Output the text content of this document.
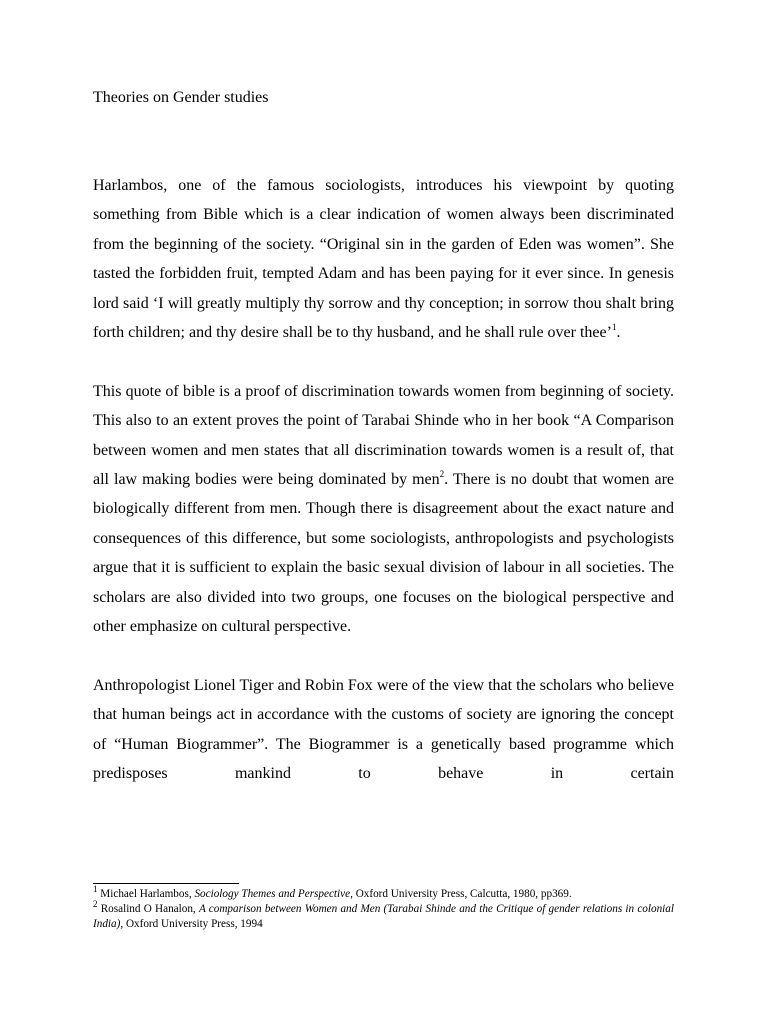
Theories on Gender studies

Harlambos, one of the famous sociologists, introduces his viewpoint by quoting something from Bible which is a clear indication of women always been discriminated from the beginning of the society. “Original sin in the garden of Eden was women”. She tasted the forbidden fruit, tempted Adam and has been paying for it ever since. In genesis lord said ‘I will greatly multiply thy sorrow and thy conception; in sorrow thou shalt bring forth children; and thy desire shall be to thy husband, and he shall rule over thee’$^1$.

This quote of bible is a proof of discrimination towards women from beginning of society. This also to an extent proves the point of Tarabai Shinde who in her book “A Comparison between women and men states that all discrimination towards women is a result of, that all law making bodies were being dominated by men$^2$. There is no doubt that women are biologically different from men. Though there is disagreement about the exact nature and consequences of this difference, but some sociologists, anthropologists and psychologists argue that it is sufficient to explain the basic sexual division of labour in all societies. The scholars are also divided into two groups, one focuses on the biological perspective and other emphasize on cultural perspective.

Anthropologist Lionel Tiger and Robin Fox were of the view that the scholars who believe that human beings act in accordance with the customs of society are ignoring the concept of “Human Biogrammer”. The Biogrammer is a genetically based programme which predisposes mankind to behave in certain

$^1$ Michael Harlambos, Sociology Themes and Perspective, Oxford University Press, Calcutta, 1980, pp369.

$^2$ Rosalind O Hanalon, A comparison between Women and Men (Tarabai Shinde and the Critique of gender relations in colonial India), Oxford University Press, 1994
